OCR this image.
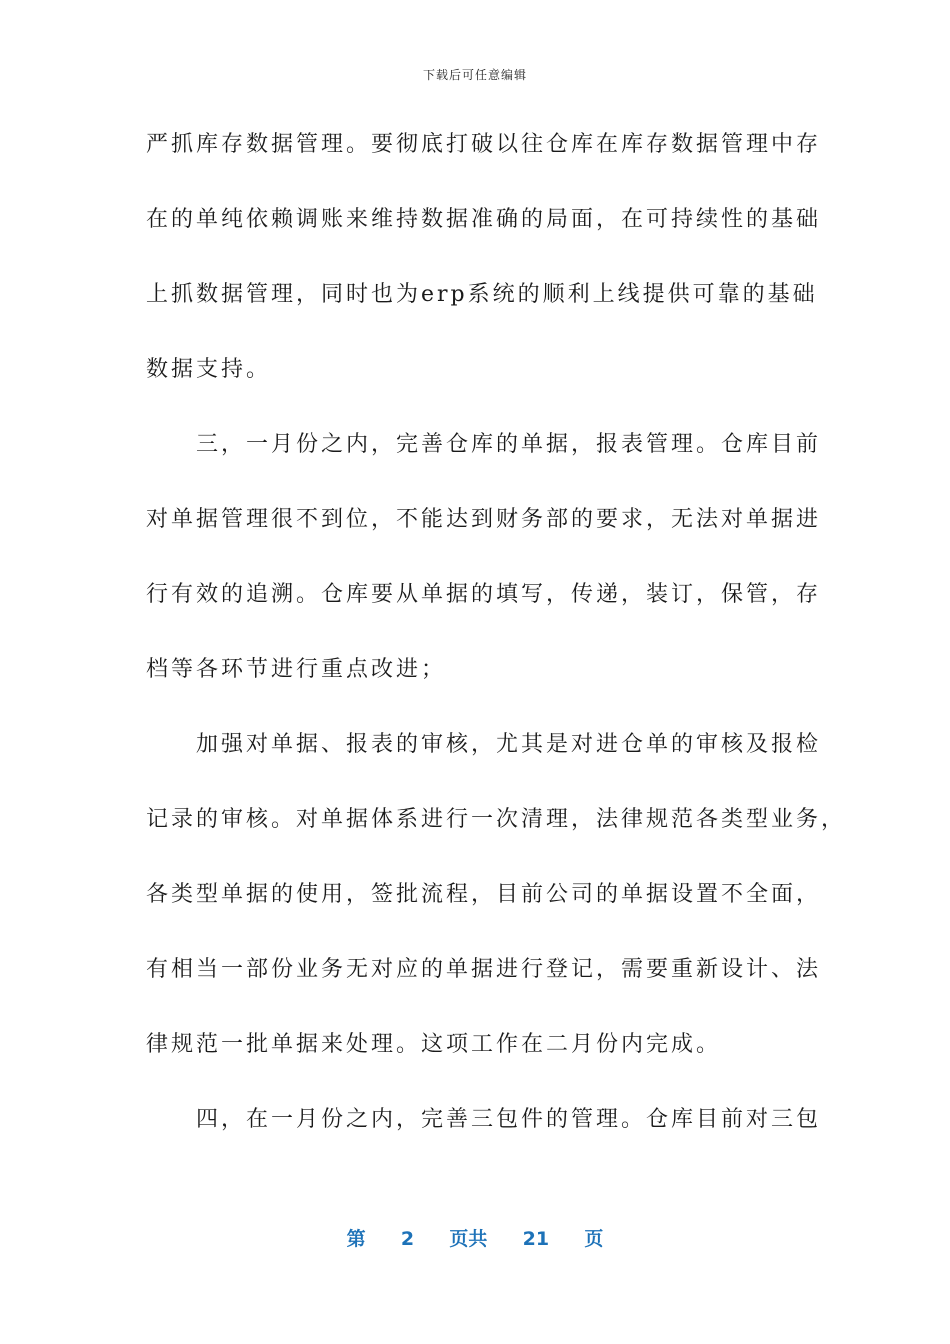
下载后可任意编辑
严抓库存数据管理。要彻底打破以往仓库在库存数据管理中存
在的单纯依赖调账来维持数据准确的局面，在可持续性的基础
上抓数据管理，同时也为erp系统的顺利上线提供可靠的基础
数据支持。
　　三，一月份之内，完善仓库的单据，报表管理。仓库目前
对单据管理很不到位，不能达到财务部的要求，无法对单据进
行有效的追溯。仓库要从单据的填写，传递，装订，保管，存
档等各环节进行重点改进；
　　加强对单据、报表的审核，尤其是对进仓单的审核及报检
记录的审核。对单据体系进行一次清理，法律规范各类型业务，
各类型单据的使用，签批流程，目前公司的单据设置不全面，
有相当一部份业务无对应的单据进行登记，需要重新设计、法
律规范一批单据来处理。这项工作在二月份内完成。
　　四，在一月份之内，完善三包件的管理。仓库目前对三包
第 2 页共 21 页
